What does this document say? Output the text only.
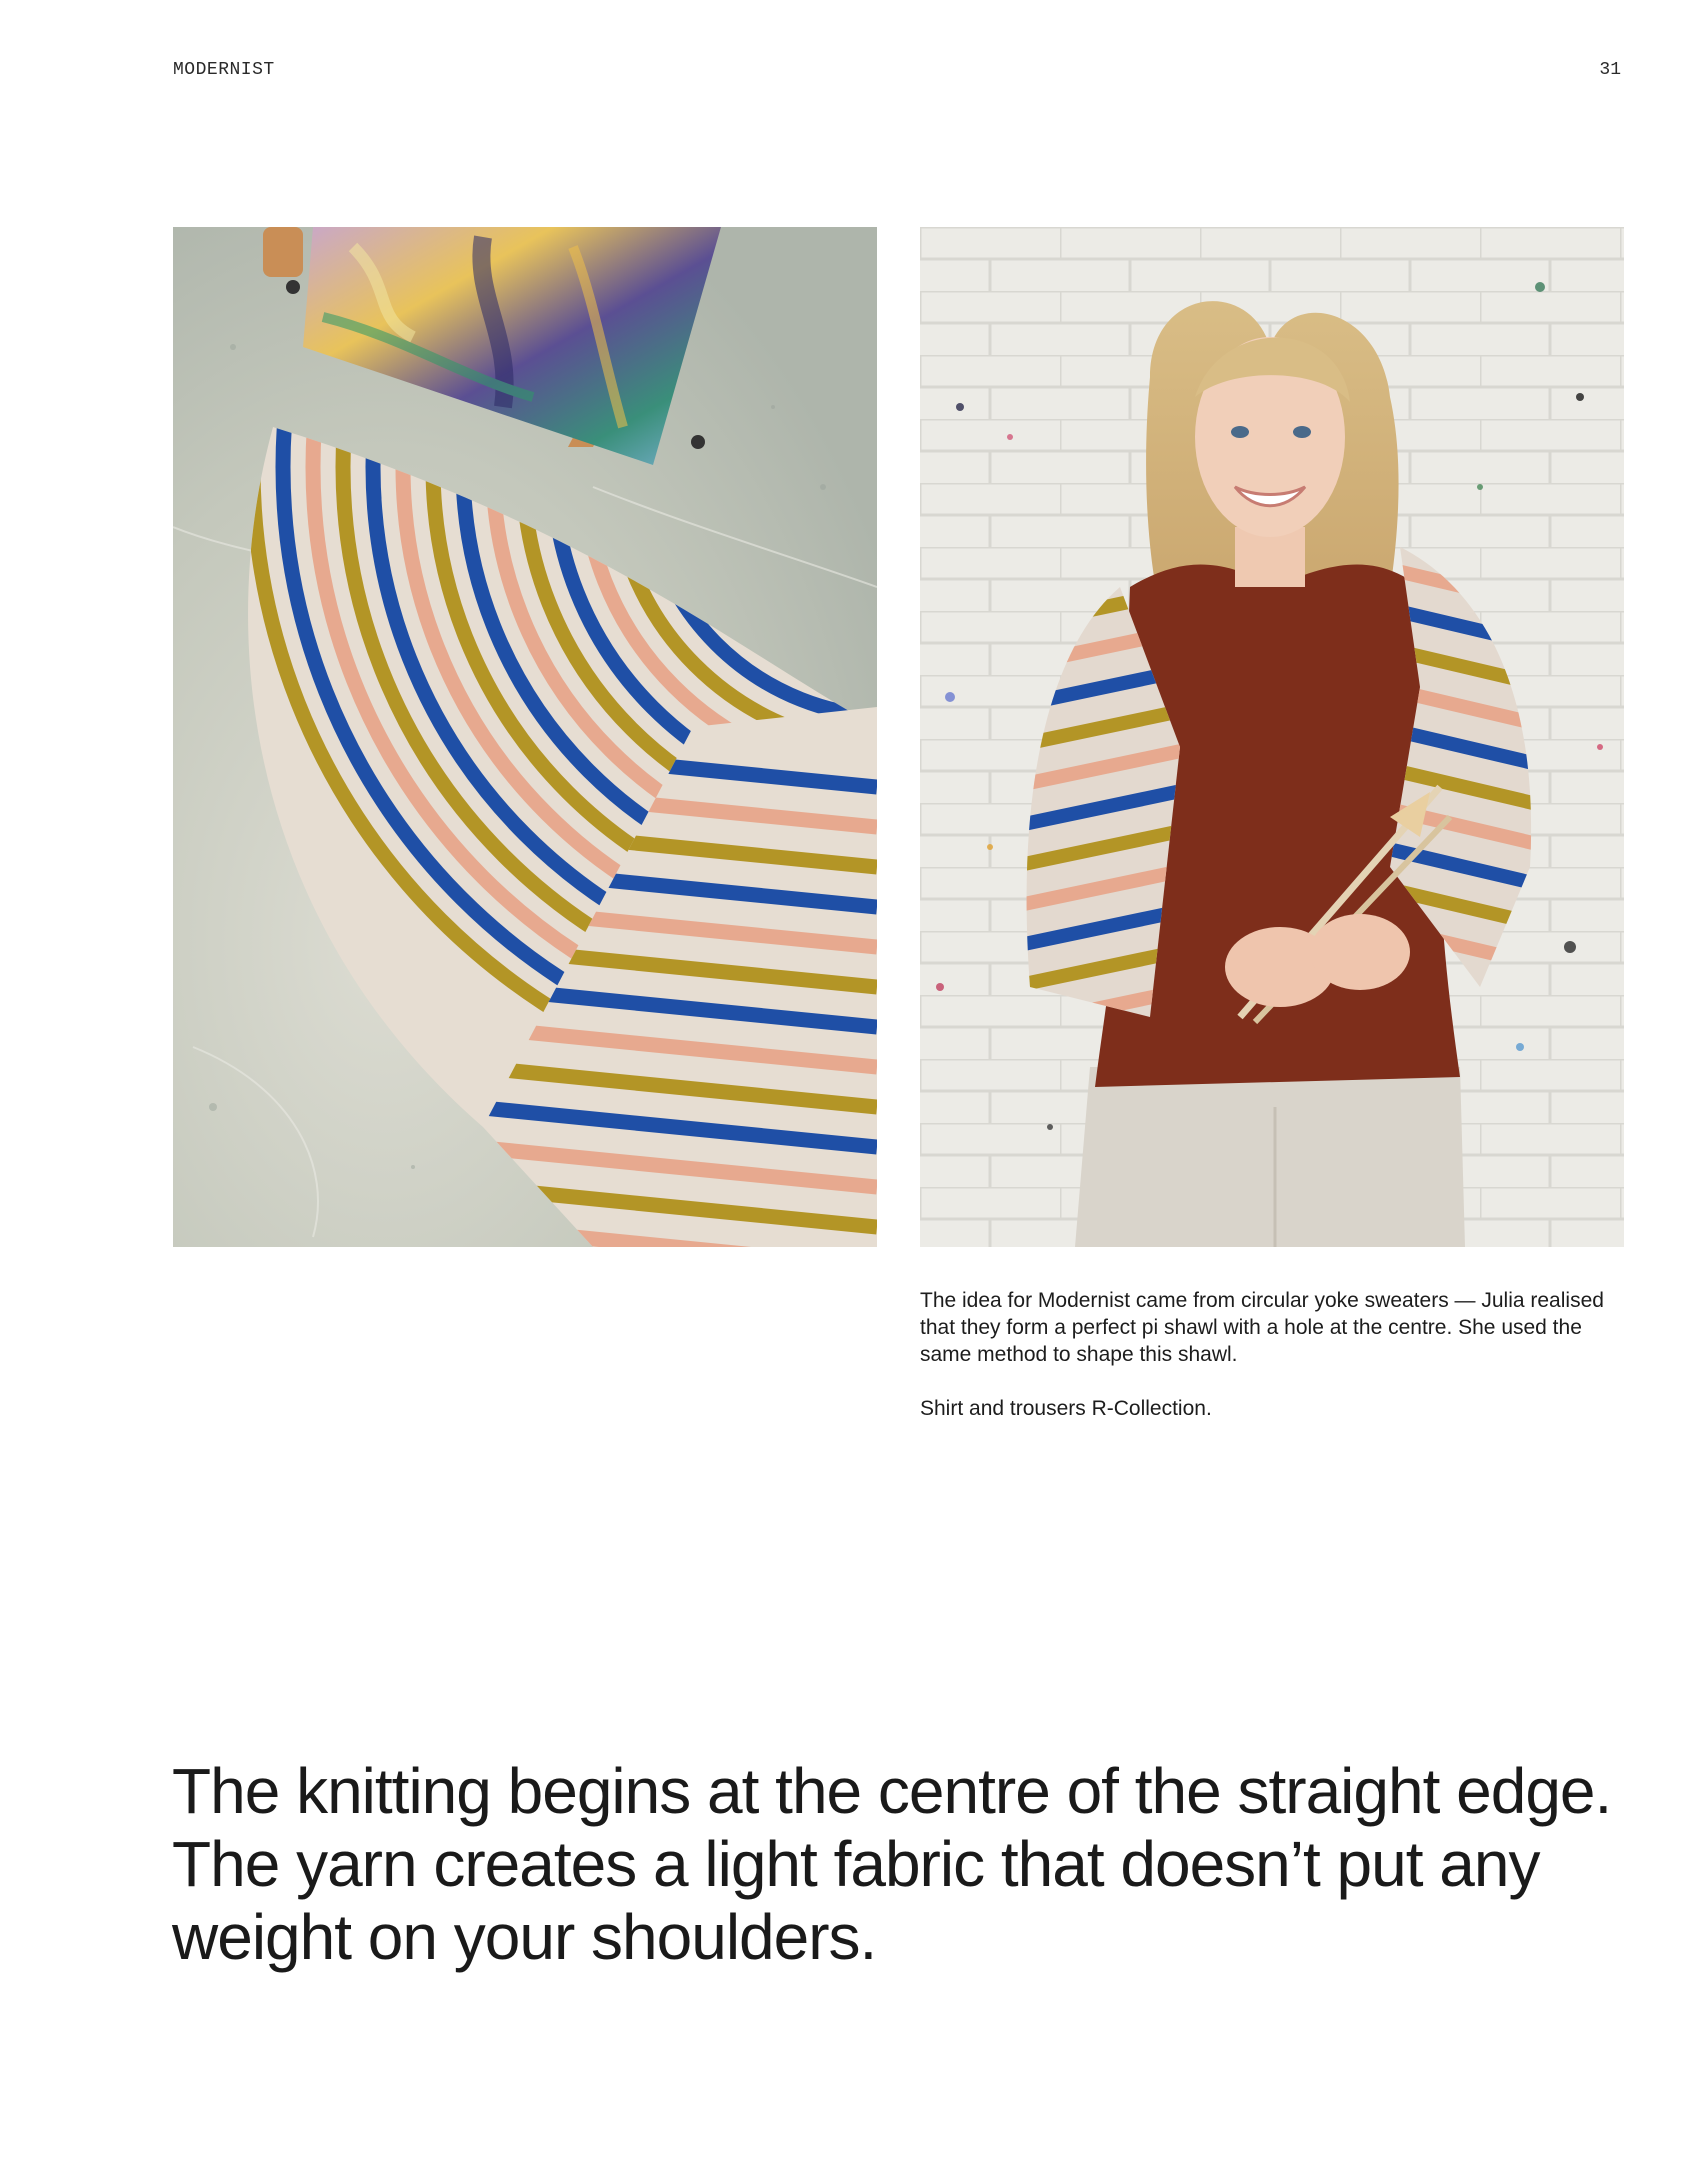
MODERNIST	31

The idea for Modernist came from circular yoke sweaters — Julia realised that they form a perfect pi shawl with a hole at the centre. She used the same method to shape this shawl.

Shirt and trousers R-Collection.

The knitting begins at the centre of the straight edge. The yarn creates a light fabric that doesn’t put any weight on your shoulders.
